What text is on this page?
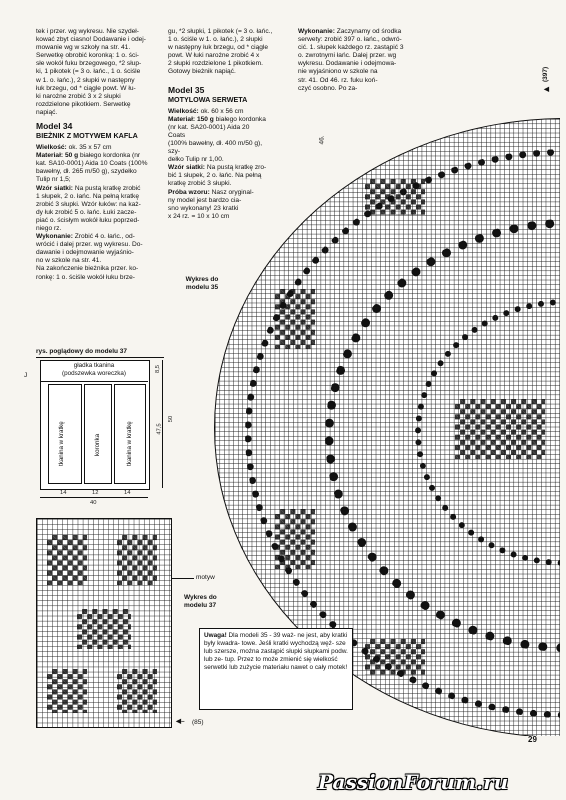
tek i przer. wg wykresu. Nie szydeł-
kować zbyt ciasno! Dodawanie i odej-
mowanie wg w szkoły na str. 41.
Serwetkę obrobić koronką: 1 o. ści-
słe wokół fuku brzegowego, *2 słup-
ki, 1 pikotek (= 3 o. łańc., 1 o. ściśle
w 1. o. łańc.), 2 słupki w następny
łuk brzegu, od * ciągle powt. W łu-
ki narożne zrobić 3 x 2 słupki
rozdzielone pikotkiem. Serwetkę
napiąć.
Model 34
BIEŻNIK Z MOTYWEM KAFLA
Wielkość: ok. 35 x 57 cm
Materiał: 50 g białego kordonka (nr
kat. SA10-0001) Aida 10 Coats (100%
bawełny, dł. 265 m/50 g), szydełko
Tulip nr 1,5;
Wzór siatki: Na pustą kratkę zrobić
1 słupek, 2 o. łańc. Na pełną kratkę
zrobić 3 słupki. Wzór łuków: na każ-
dy łuk zrobić 5 o. łańc. Łuki zacze-
piać o. ścisłym wokół łuku poprzed-
niego rz.
Wykonanie: Zrobić 4 o. łańc., od-
wrócić i dalej przer. wg wykresu. Do-
dawanie i odejmowanie wyjaśnio-
no w szkole na str. 41.
Na zakończenie bieżnika przer. ko-
ronkę: 1 o. ściśle wokół łuku brze-
gu, *2 słupki, 1 pikotek (= 3 o. łańc.,
1 o. ściśle w 1. o. łańc.), 2 słupki
w następny łuk brzegu, od * ciągle
powt. W łuki narożne zrobić 4 x
2 słupki rozdzielone 1 pikotkiem.
Gotowy bieżnik napiąć.
Model 35
MOTYLOWA SERWETA
Wielkość: ok. 60 x 56 cm
Materiał: 150 g białego kordonka
(nr kat. SA20-0001) Aida 20 Coats
(100% bawełny, dł. 400 m/50 g), szy-
dełko Tulip nr 1,00.
Wzór siatki: Na pustą kratkę zro-
bić 1 słupek, 2 o. łańc. Na pełną
kratkę zrobić 3 słupki.
Próba wzoru: Nasz oryginal-
ny model jest bardzo cia-
sno wykonany! 23 kratki
x 24 rz. = 10 x 10 cm
Wykres do
modelu 35
Wykonanie: Zaczynamy od środka
serwety: zrobić 397 o. łańc., odwró-
cić. 1. słupek każdego rz. zastąpić 3
o. zwrotnymi łańc. Dalej przer. wg
wykresu. Dodawanie i odejmowa-
nie wyjaśniono w szkole na
str. 41. Od 46. rz. fuku koń-
czyć osobno. Po za-
(397)
◀
46.
rys. poglądowy do modelu 37
gładka tkanina
(podszewka woreczka)
tkanina w kratkę	koronka	tkanina w kratkę
8,5
47,5
50
14	12	14
40
J
motyw
Wykres do
modelu 37
◀– (85)
Uwaga! Dla modeli 35 - 39 waż- ne jest, aby kratki były kwadra- towe. Jeśli kratki wychodzą węż- sze lub szersze, można zastąpić słupki słupkami podw. lub ze- tup. Przez to może zmienić się wielkość serwetki lub zużycie materiału nawet o cały motek!
29
PassionForum.ru
